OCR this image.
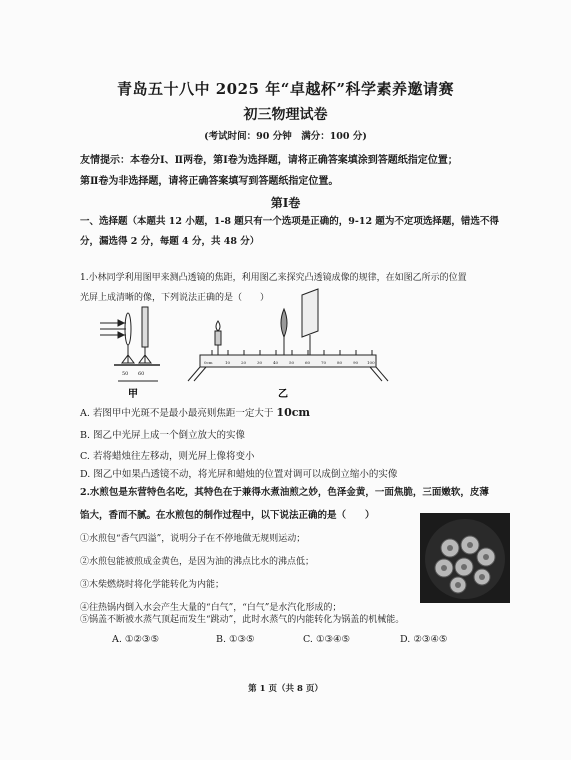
青岛五十八中 2025 年“卓越杯”科学素养邀请赛
初三物理试卷
(考试时间：90 分钟　满分：100 分)
友情提示：本卷分Ⅰ、Ⅱ两卷，第Ⅰ卷为选择题，请将正确答案填涂到答题纸指定位置；
第Ⅱ卷为非选择题，请将正确答案填写到答题纸指定位置。
第Ⅰ卷
一、选择题（本题共 12 小题，1-8 题只有一个选项是正确的，9-12 题为不定项选择题，错选不得
分，漏选得 2 分，每题 4 分，共 48 分）
1.小林同学利用图甲来测凸透镜的焦距，利用图乙来探究凸透镜成像的规律，在如图乙所示的位置
光屏上成清晰的像，下列说法正确的是（　　）
50 60
甲
0cm	10	20	30	40	50	60	70	80	90 100
乙
A. 若图甲中光斑不是最小最亮则焦距一定大于 10cm
B. 图乙中光屏上成一个倒立放大的实像
C. 若将蜡烛往左移动，则光屏上像将变小
D. 图乙中如果凸透镜不动，将光屏和蜡烛的位置对调可以成倒立缩小的实像
2.水煎包是东营特色名吃，其特色在于兼得水煮油煎之妙，色泽金黄，一面焦脆，三面嫩软，皮薄
馅大，香而不腻。在水煎包的制作过程中，以下说法正确的是（　　）
①水煎包“香气四溢”，说明分子在不停地做无规则运动；
②水煎包能被煎成金黄色，是因为油的沸点比水的沸点低；
③木柴燃烧时将化学能转化为内能；
④往热锅内倒入水会产生大量的“白气”，“白气”是水汽化形成的；
⑤锅盖不断被水蒸气顶起而发生“跳动”，此时水蒸气的内能转化为锅盖的机械能。
A. ①②③⑤	B. ①③⑤	C. ①③④⑤	D. ②③④⑤
第 1 页（共 8 页）
